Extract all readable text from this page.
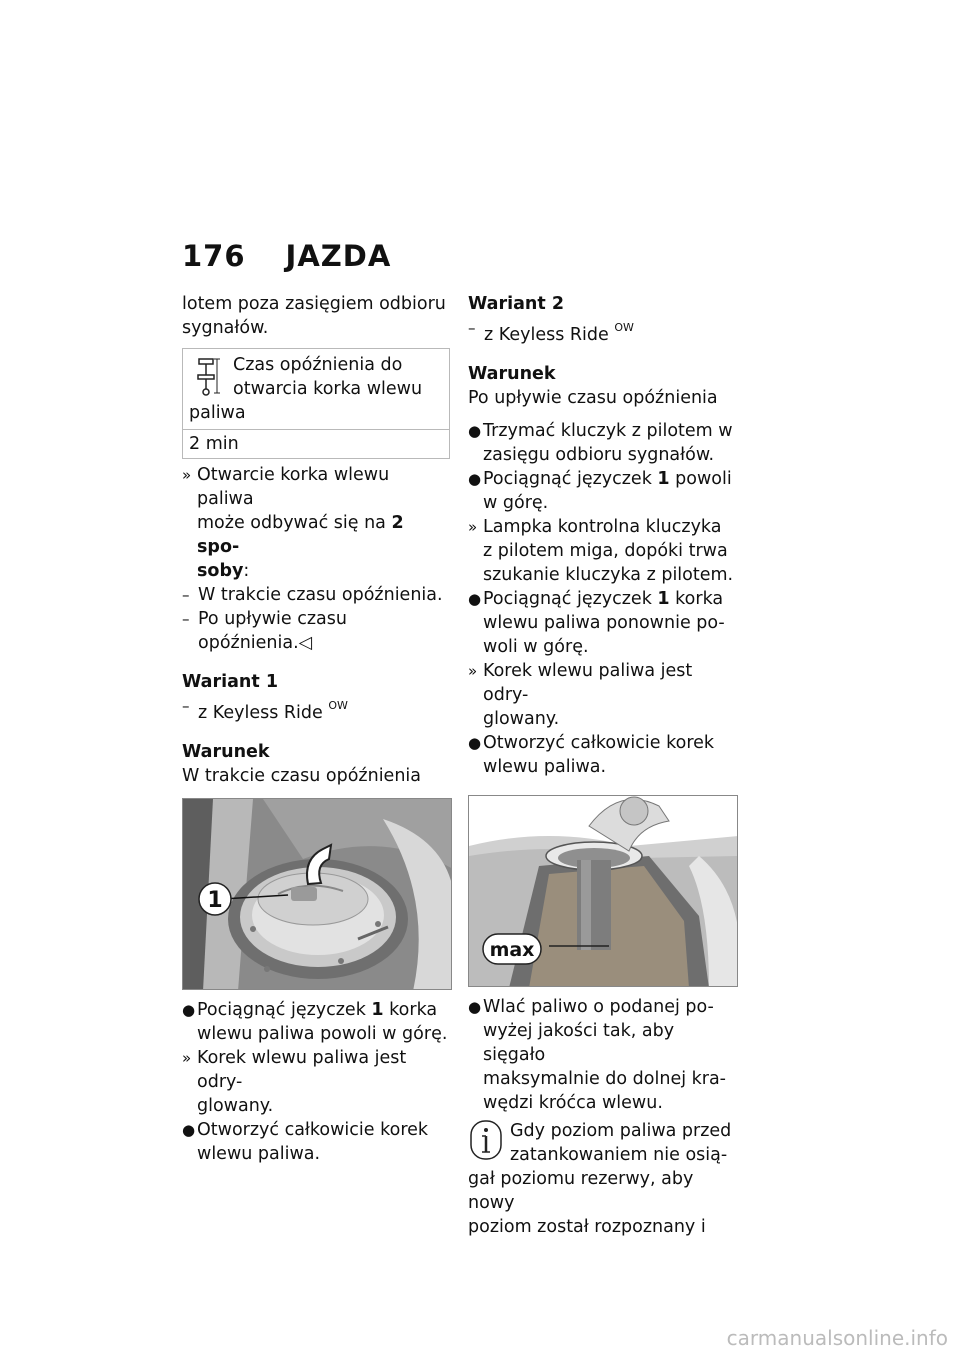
176 JAZDA
lotem poza zasięgiem odbioru
sygnałów.
Czas opóźnienia do
otwarcia korka wlewu
paliwa
2 min
» Otwarcie korka wlewu paliwa
może odbywać się na 2 spo-
soby:
– W trakcie czasu opóźnienia.
– Po upływie czasu
opóźnienia.◁
Wariant 1
– z Keyless Ride $^{OW}$
Warunek
W trakcie czasu opóźnienia
1
● Pociągnąć języczek 1 korka
wlewu paliwa powoli w górę.
» Korek wlewu paliwa jest odry-
glowany.
● Otworzyć całkowicie korek
wlewu paliwa.
Wariant 2
– z Keyless Ride $^{OW}$
Warunek
Po upływie czasu opóźnienia
● Trzymać kluczyk z pilotem w
zasięgu odbioru sygnałów.
● Pociągnąć języczek 1 powoli
w górę.
» Lampka kontrolna kluczyka
z pilotem miga, dopóki trwa
szukanie kluczyka z pilotem.
● Pociągnąć języczek 1 korka
wlewu paliwa ponownie po-
woli w górę.
» Korek wlewu paliwa jest odry-
glowany.
● Otworzyć całkowicie korek
wlewu paliwa.
max
● Wlać paliwo o podanej po-
wyżej jakości tak, aby sięgało
maksymalnie do dolnej kra-
wędzi króćca wlewu.
Gdy poziom paliwa przed
zatankowaniem nie osią-
gał poziomu rezerwy, aby nowy
poziom został rozpoznany i
carmanualsonline.info
